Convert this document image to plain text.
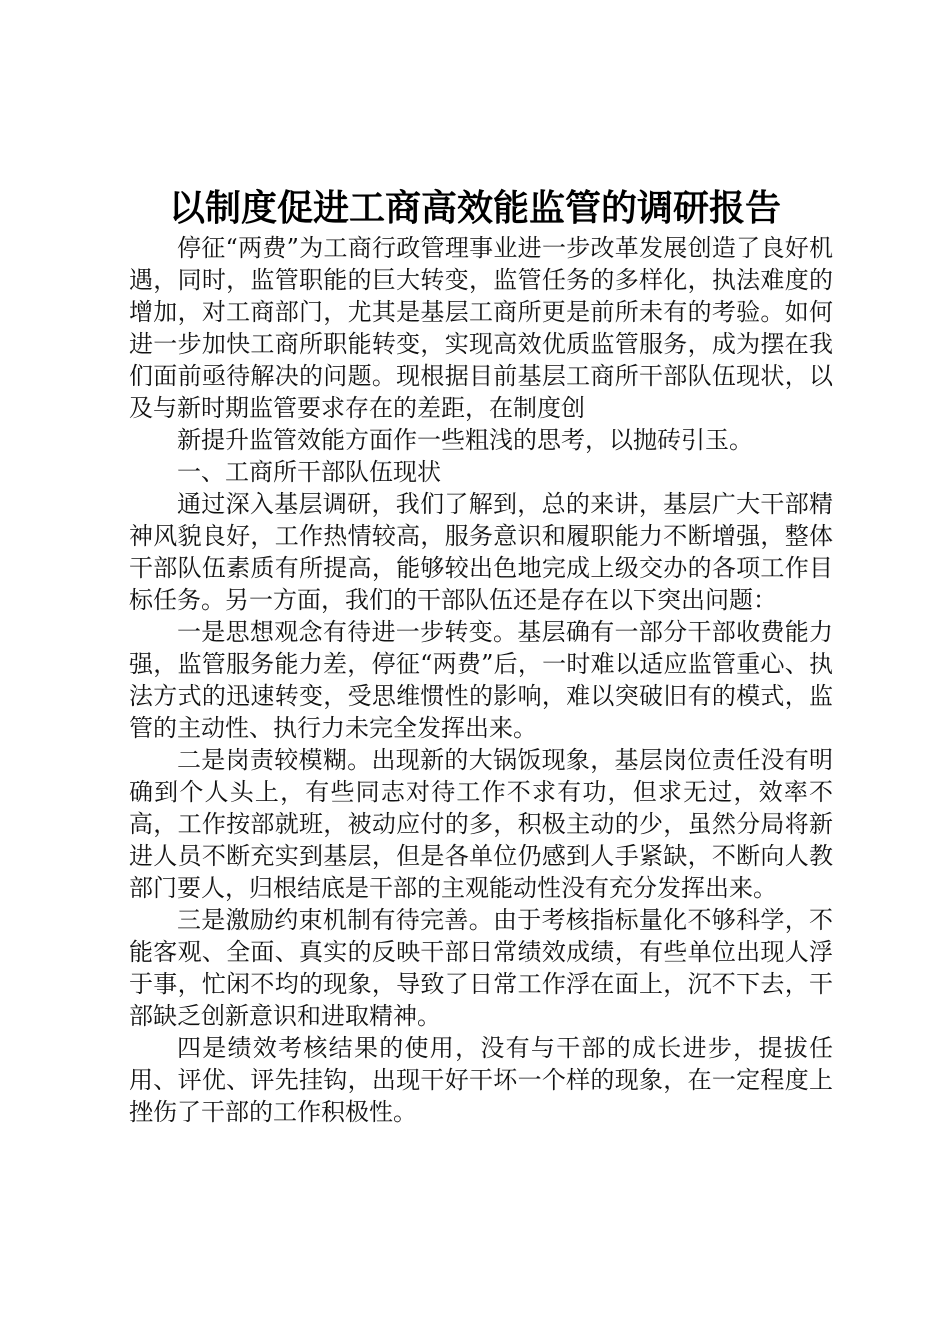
以制度促进工商高效能监管的调研报告

停征“两费”为工商行政管理事业进一步改革发展创造了良好机遇，同时，监管职能的巨大转变，监管任务的多样化，执法难度的增加，对工商部门，尤其是基层工商所更是前所未有的考验。如何进一步加快工商所职能转变，实现高效优质监管服务，成为摆在我们面前亟待解决的问题。现根据目前基层工商所干部队伍现状，以及与新时期监管要求存在的差距，在制度创

新提升监管效能方面作一些粗浅的思考，以抛砖引玉。

一、工商所干部队伍现状

通过深入基层调研，我们了解到，总的来讲，基层广大干部精神风貌良好，工作热情较高，服务意识和履职能力不断增强，整体干部队伍素质有所提高，能够较出色地完成上级交办的各项工作目标任务。另一方面，我们的干部队伍还是存在以下突出问题：

一是思想观念有待进一步转变。基层确有一部分干部收费能力强，监管服务能力差，停征“两费”后，一时难以适应监管重心、执法方式的迅速转变，受思维惯性的影响，难以突破旧有的模式，监管的主动性、执行力未完全发挥出来。

二是岗责较模糊。出现新的大锅饭现象，基层岗位责任没有明确到个人头上，有些同志对待工作不求有功，但求无过，效率不高，工作按部就班，被动应付的多，积极主动的少，虽然分局将新进人员不断充实到基层，但是各单位仍感到人手紧缺，不断向人教部门要人，归根结底是干部的主观能动性没有充分发挥出来。

三是激励约束机制有待完善。由于考核指标量化不够科学，不能客观、全面、真实的反映干部日常绩效成绩，有些单位出现人浮于事，忙闲不均的现象，导致了日常工作浮在面上，沉不下去，干部缺乏创新意识和进取精神。

四是绩效考核结果的使用，没有与干部的成长进步，提拔任用、评优、评先挂钩，出现干好干坏一个样的现象，在一定程度上挫伤了干部的工作积极性。
